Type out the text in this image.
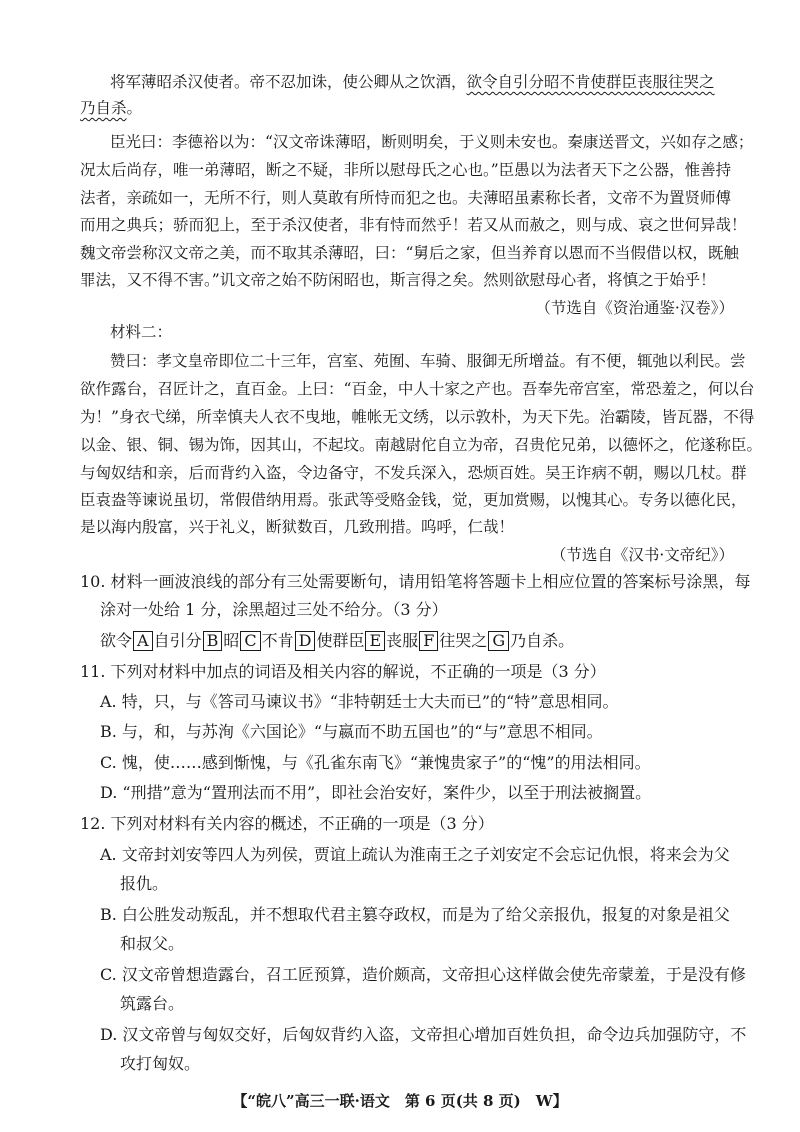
将军薄昭杀汉使者。帝不忍加诛，使公卿从之饮酒，欲令自引分昭不肯使群臣丧服往哭之
乃自杀。
臣光曰：李德裕以为：“汉文帝诛薄昭，断则明矣，于义则未安也。秦康送晋文，兴如存之感；
况太后尚存，唯一弟薄昭，断之不疑，非所以慰母氏之心也。”臣愚以为法者天下之公器，惟善持
法者，亲疏如一，无所不行，则人莫敢有所恃而犯之也。夫薄昭虽素称长者，文帝不为置贤师傅
而用之典兵；骄而犯上，至于杀汉使者，非有恃而然乎！若又从而赦之，则与成、哀之世何异哉！
魏文帝尝称汉文帝之美，而不取其杀薄昭，曰：“舅后之家，但当养育以恩而不当假借以权，既触
罪法，又不得不害。”讥文帝之始不防闲昭也，斯言得之矣。然则欲慰母心者，将慎之于始乎！
（节选自《资治通鉴·汉卷》）
材料二：
赞曰：孝文皇帝即位二十三年，宫室、苑囿、车骑、服御无所增益。有不便，辄弛以利民。尝
欲作露台，召匠计之，直百金。上曰：“百金，中人十家之产也。吾奉先帝宫室，常恐羞之，何以台
为！”身衣弋绨，所幸慎夫人衣不曳地，帷帐无文绣，以示敦朴，为天下先。治霸陵，皆瓦器，不得
以金、银、铜、锡为饰，因其山，不起坟。南越尉佗自立为帝，召贵佗兄弟，以德怀之，佗遂称臣。
与匈奴结和亲，后而背约入盗，令边备守，不发兵深入，恐烦百姓。吴王诈病不朝，赐以几杖。群
臣袁盎等谏说虽切，常假借纳用焉。张武等受赂金钱，觉，更加赏赐，以愧其心。专务以德化民，
是以海内殷富，兴于礼义，断狱数百，几致刑措。呜呼，仁哉！
（节选自《汉书·文帝纪》）
10. 材料一画波浪线的部分有三处需要断句，请用铅笔将答题卡上相应位置的答案标号涂黑，每
涂对一处给 1 分，涂黑超过三处不给分。（3 分）
欲令 A 自引分 B 昭 C 不肯 D 使群臣 E 丧服 F 往哭之 G 乃自杀。
11. 下列对材料中加点的词语及相关内容的解说，不正确的一项是（3 分）
A. 特，只，与《答司马谏议书》“非特朝廷士大夫而已”的“特”意思相同。
B. 与，和，与苏洵《六国论》“与嬴而不助五国也”的“与”意思不相同。
C. 愧，使……感到惭愧，与《孔雀东南飞》“兼愧贵家子”的“愧”的用法相同。
D. “刑措”意为“置刑法而不用”，即社会治安好，案件少，以至于刑法被搁置。
12. 下列对材料有关内容的概述，不正确的一项是（3 分）
A. 文帝封刘安等四人为列侯，贾谊上疏认为淮南王之子刘安定不会忘记仇恨，将来会为父
报仇。
B. 白公胜发动叛乱，并不想取代君主篡夺政权，而是为了给父亲报仇，报复的对象是祖父
和叔父。
C. 汉文帝曾想造露台，召工匠预算，造价颇高，文帝担心这样做会使先帝蒙羞，于是没有修
筑露台。
D. 汉文帝曾与匈奴交好，后匈奴背约入盗，文帝担心增加百姓负担，命令边兵加强防守，不
攻打匈奴。
【“皖八”高三一联·语文　第 6 页(共 8 页)　W】
